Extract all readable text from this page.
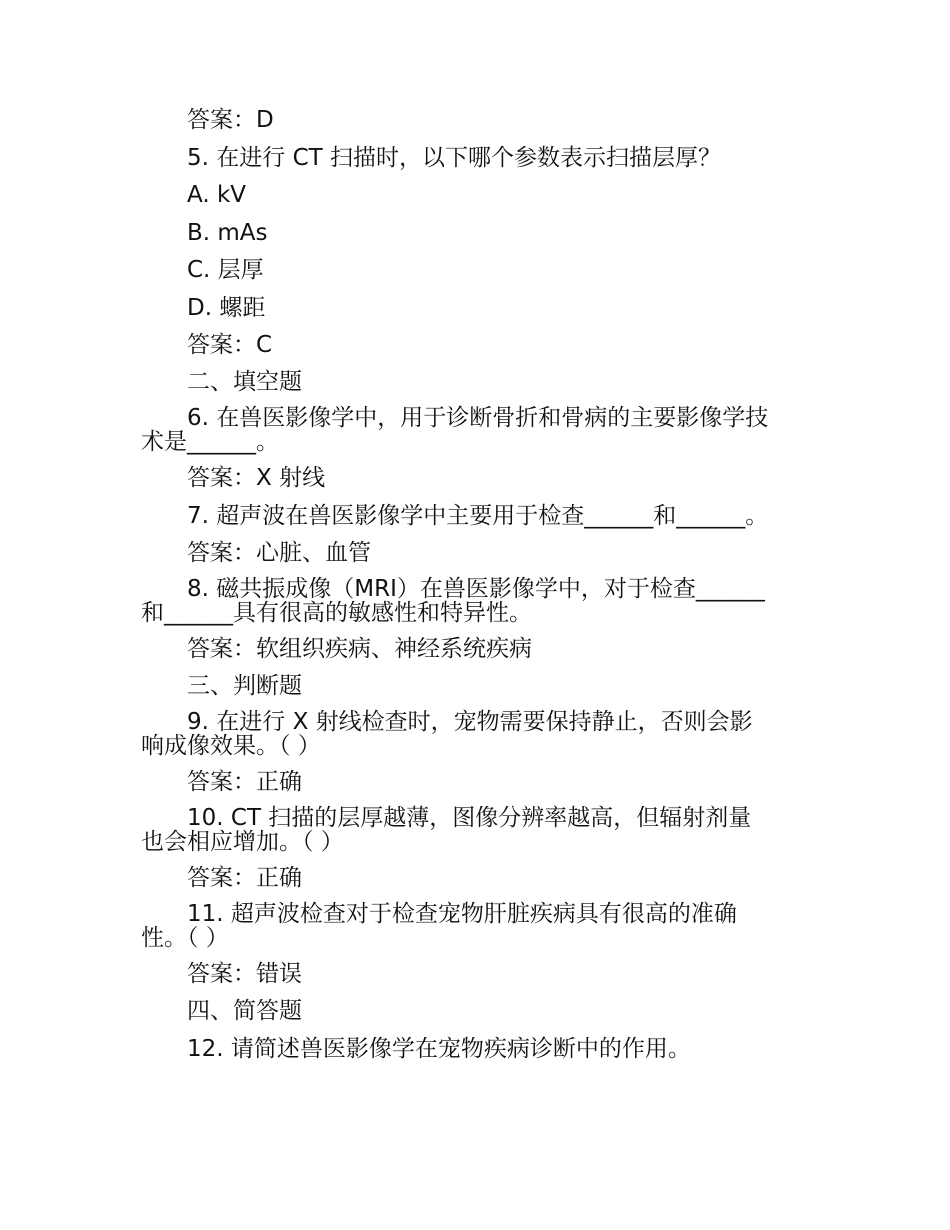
答案：D

5. 在进行 CT 扫描时，以下哪个参数表示扫描层厚？

A. kV

B. mAs

C. 层厚

D. 螺距

答案：C

二、填空题

6. 在兽医影像学中，用于诊断骨折和骨病的主要影像学技
术是______。

答案：X 射线

7. 超声波在兽医影像学中主要用于检查______和______。

答案：心脏、血管

8. 磁共振成像（MRI）在兽医影像学中，对于检查______
和______具有很高的敏感性和特异性。

答案：软组织疾病、神经系统疾病

三、判断题

9. 在进行 X 射线检查时，宠物需要保持静止，否则会影
响成像效果。（ ）

答案：正确

10. CT 扫描的层厚越薄，图像分辨率越高，但辐射剂量
也会相应增加。（ ）

答案：正确

11. 超声波检查对于检查宠物肝脏疾病具有很高的准确
性。（ ）

答案：错误

四、简答题

12. 请简述兽医影像学在宠物疾病诊断中的作用。
